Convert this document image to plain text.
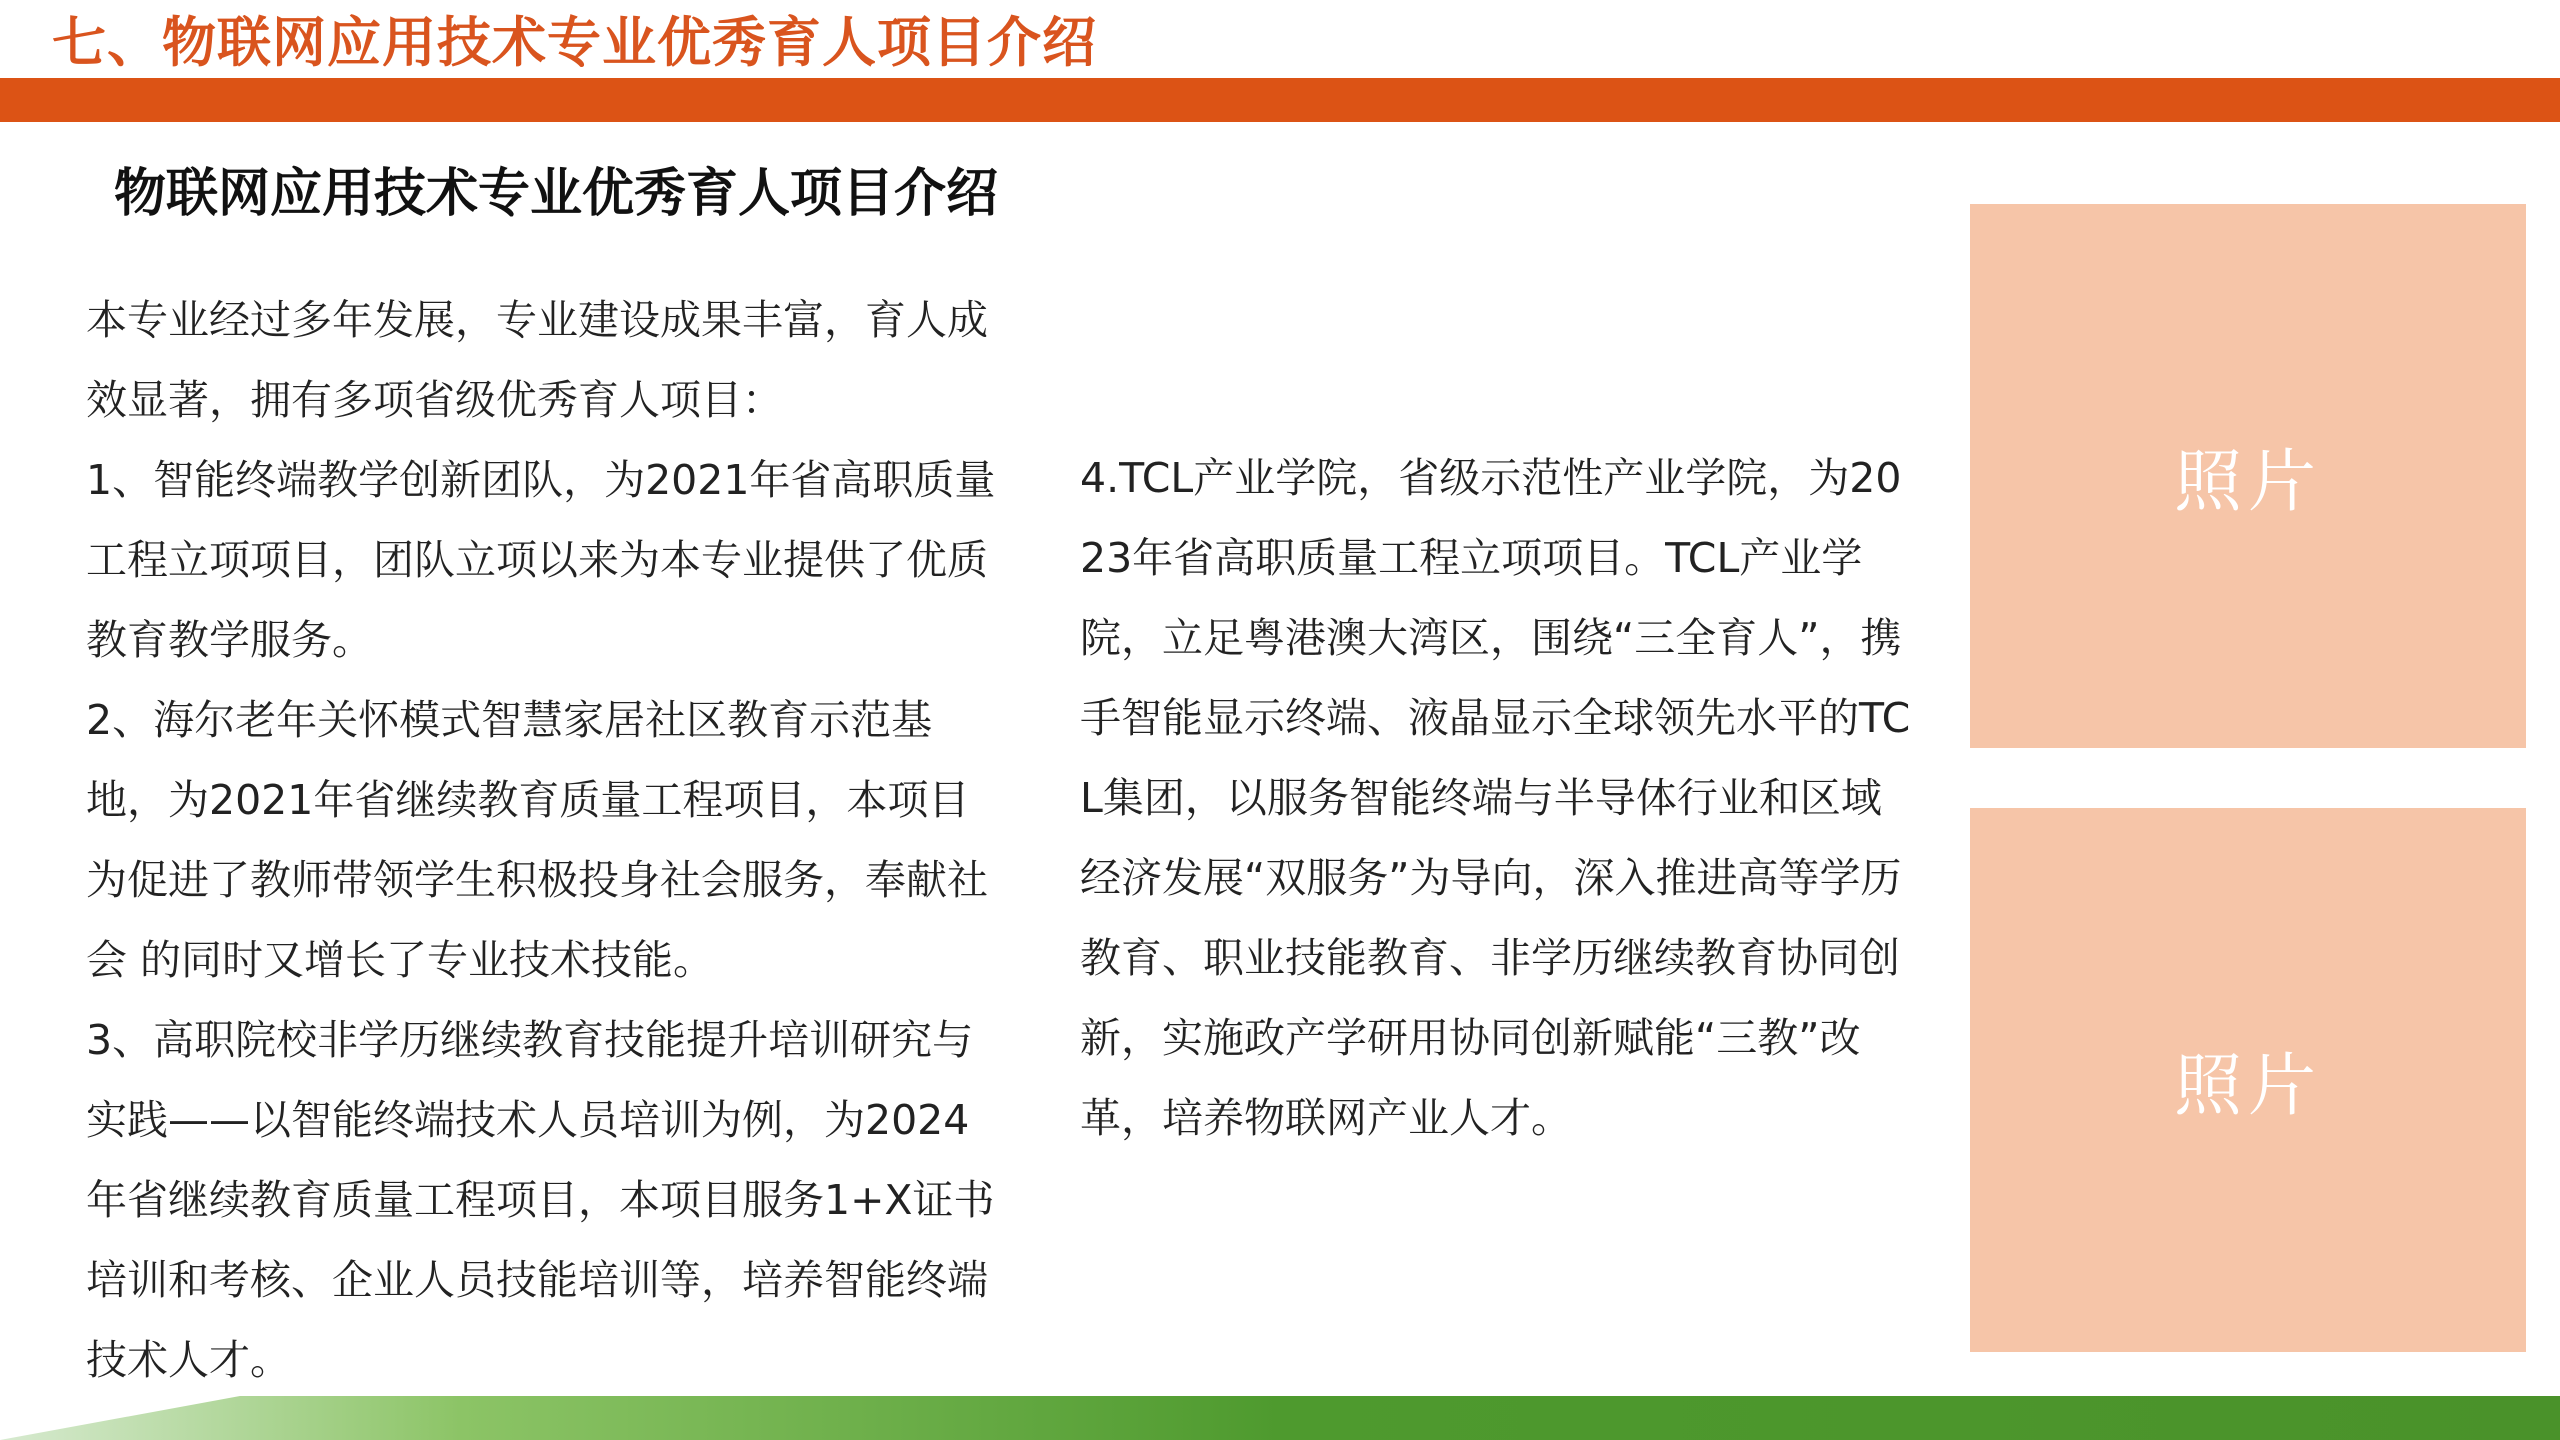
七、物联网应用技术专业优秀育人项目介绍
物联网应用技术专业优秀育人项目介绍

本专业经过多年发展，专业建设成果丰富，育人成效显著，拥有多项省级优秀育人项目：

1、智能终端教学创新团队，为2021年省高职质量工程立项项目，团队立项以来为本专业提供了优质教育教学服务。

2、海尔老年关怀模式智慧家居社区教育示范基地，为2021年省继续教育质量工程项目，本项目为促进了教师带领学生积极投身社会服务，奉献社会 的同时又增长了专业技术技能。

3、高职院校非学历继续教育技能提升培训研究与实践——以智能终端技术人员培训为例，为2024年省继续教育质量工程项目，本项目服务1+X证书培训和考核、企业人员技能培训等，培养智能终端技术人才。

4.TCL产业学院，省级示范性产业学院，为2023年省高职质量工程立项项目。TCL产业学院，立足粤港澳大湾区，围绕“三全育人”，携手智能显示终端、液晶显示全球领先水平的TCL集团，以服务智能终端与半导体行业和区域经济发展“双服务”为导向，深入推进高等学历教育、职业技能教育、非学历继续教育协同创新，实施政产学研用协同创新赋能“三教”改革，培养物联网产业人才。

照片
照片
